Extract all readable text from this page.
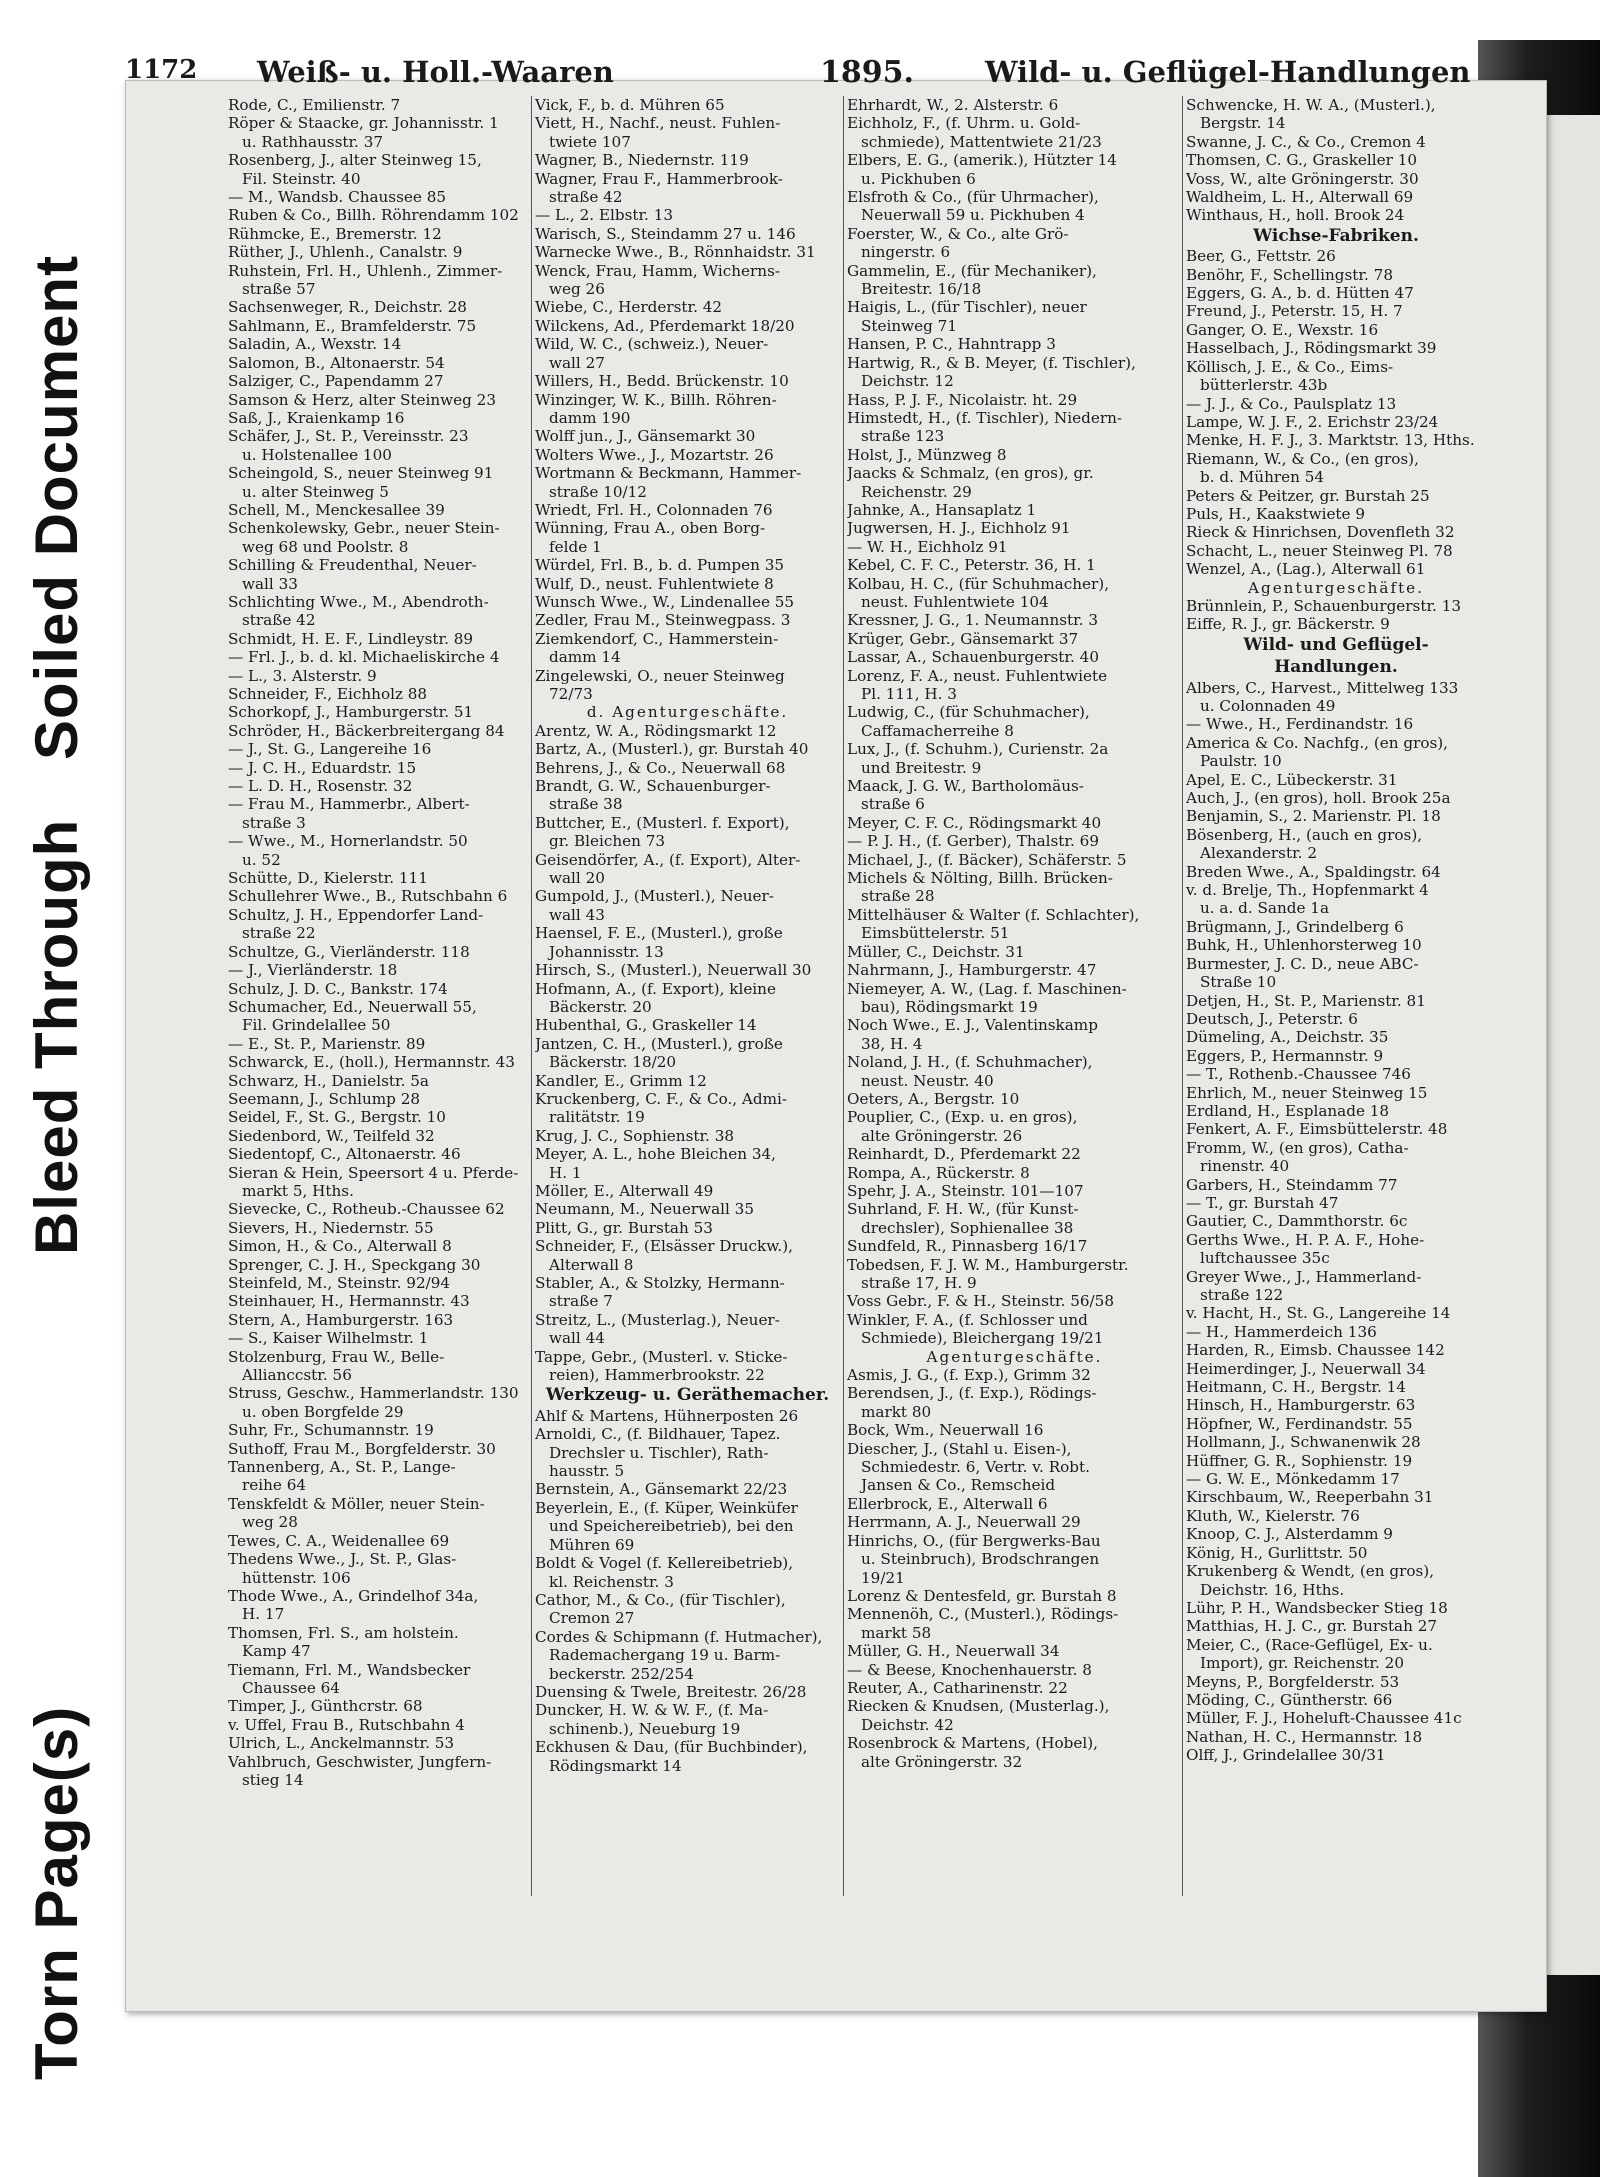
1172 Weiß- u. Holl.-Waaren	1895. Wild- u. Geflügel-Handlungen
Rode, C., Emilienstr. 7
Röper & Staacke, gr. Johannisstr. 1
u. Rathhausstr. 37
Rosenberg, J., alter Steinweg 15,
Fil. Steinstr. 40
— M., Wandsb. Chaussee 85
Ruben & Co., Billh. Röhrendamm 102
Rühmcke, E., Bremerstr. 12
Rüther, J., Uhlenh., Canalstr. 9
Ruhstein, Frl. H., Uhlenh., Zimmer-
straße 57
Sachsenweger, R., Deichstr. 28
Sahlmann, E., Bramfelderstr. 75
Saladin, A., Wexstr. 14
Salomon, B., Altonaerstr. 54
Salziger, C., Papendamm 27
Samson & Herz, alter Steinweg 23
Saß, J., Kraienkamp 16
Schäfer, J., St. P., Vereinsstr. 23
u. Holstenallee 100
Scheingold, S., neuer Steinweg 91
u. alter Steinweg 5
Schell, M., Menckesallee 39
Schenkolewsky, Gebr., neuer Stein-
weg 68 und Poolstr. 8
Schilling & Freudenthal, Neuer-
wall 33
Schlichting Wwe., M., Abendroth-
straße 42
Schmidt, H. E. F., Lindleystr. 89
— Frl. J., b. d. kl. Michaeliskirche 4
— L., 3. Alsterstr. 9
Schneider, F., Eichholz 88
Schorkopf, J., Hamburgerstr. 51
Schröder, H., Bäckerbreitergang 84
— J., St. G., Langereihe 16
— J. C. H., Eduardstr. 15
— L. D. H., Rosenstr. 32
— Frau M., Hammerbr., Albert-
straße 3
— Wwe., M., Hornerlandstr. 50
u. 52
Schütte, D., Kielerstr. 111
Schullehrer Wwe., B., Rutschbahn 6
Schultz, J. H., Eppendorfer Land-
straße 22
Schultze, G., Vierländerstr. 118
— J., Vierländerstr. 18
Schulz, J. D. C., Bankstr. 174
Schumacher, Ed., Neuerwall 55,
Fil. Grindelallee 50
— E., St. P., Marienstr. 89
Schwarck, E., (holl.), Hermannstr. 43
Schwarz, H., Danielstr. 5a
Seemann, J., Schlump 28
Seidel, F., St. G., Bergstr. 10
Siedenbord, W., Teilfeld 32
Siedentopf, C., Altonaerstr. 46
Sieran & Hein, Speersort 4 u. Pferde-
markt 5, Hths.
Sievecke, C., Rotheub.-Chaussee 62
Sievers, H., Niedernstr. 55
Simon, H., & Co., Alterwall 8
Sprenger, C. J. H., Speckgang 30
Steinfeld, M., Steinstr. 92/94
Steinhauer, H., Hermannstr. 43
Stern, A., Hamburgerstr. 163
— S., Kaiser Wilhelmstr. 1
Stolzenburg, Frau W., Belle-
Allianccstr. 56
Struss, Geschw., Hammerlandstr. 130
u. oben Borgfelde 29
Suhr, Fr., Schumannstr. 19
Suthoff, Frau M., Borgfelderstr. 30
Tannenberg, A., St. P., Lange-
reihe 64
Tenskfeldt & Möller, neuer Stein-
weg 28
Tewes, C. A., Weidenallee 69
Thedens Wwe., J., St. P., Glas-
hüttenstr. 106
Thode Wwe., A., Grindelhof 34a,
H. 17
Thomsen, Frl. S., am holstein.
Kamp 47
Tiemann, Frl. M., Wandsbecker
Chaussee 64
Timper, J., Günthcrstr. 68
v. Uffel, Frau B., Rutschbahn 4
Ulrich, L., Anckelmannstr. 53
Vahlbruch, Geschwister, Jungfern-
stieg 14
Vick, F., b. d. Mühren 65
Viett, H., Nachf., neust. Fuhlen-
twiete 107
Wagner, B., Niedernstr. 119
Wagner, Frau F., Hammerbrook-
straße 42
— L., 2. Elbstr. 13
Warisch, S., Steindamm 27 u. 146
Warnecke Wwe., B., Rönnhaidstr. 31
Wenck, Frau, Hamm, Wicherns-
weg 26
Wiebe, C., Herderstr. 42
Wilckens, Ad., Pferdemarkt 18/20
Wild, W. C., (schweiz.), Neuer-
wall 27
Willers, H., Bedd. Brückenstr. 10
Winzinger, W. K., Billh. Röhren-
damm 190
Wolff jun., J., Gänsemarkt 30
Wolters Wwe., J., Mozartstr. 26
Wortmann & Beckmann, Hammer-
straße 10/12
Wriedt, Frl. H., Colonnaden 76
Wünning, Frau A., oben Borg-
felde 1
Würdel, Frl. B., b. d. Pumpen 35
Wulf, D., neust. Fuhlentwiete 8
Wunsch Wwe., W., Lindenallee 55
Zedler, Frau M., Steinwegpass. 3
Ziemkendorf, C., Hammerstein-
damm 14
Zingelewski, O., neuer Steinweg
72/73
d. Agenturgeschäfte.
Arentz, W. A., Rödingsmarkt 12
Bartz, A., (Musterl.), gr. Burstah 40
Behrens, J., & Co., Neuerwall 68
Brandt, G. W., Schauenburger-
straße 38
Buttcher, E., (Musterl. f. Export),
gr. Bleichen 73
Geisendörfer, A., (f. Export), Alter-
wall 20
Gumpold, J., (Musterl.), Neuer-
wall 43
Haensel, F. E., (Musterl.), große
Johannisstr. 13
Hirsch, S., (Musterl.), Neuerwall 30
Hofmann, A., (f. Export), kleine
Bäckerstr. 20
Hubenthal, G., Graskeller 14
Jantzen, C. H., (Musterl.), große
Bäckerstr. 18/20
Kandler, E., Grimm 12
Kruckenberg, C. F., & Co., Admi-
ralitätstr. 19
Krug, J. C., Sophienstr. 38
Meyer, A. L., hohe Bleichen 34,
H. 1
Möller, E., Alterwall 49
Neumann, M., Neuerwall 35
Plitt, G., gr. Burstah 53
Schneider, F., (Elsässer Druckw.),
Alterwall 8
Stabler, A., & Stolzky, Hermann-
straße 7
Streitz, L., (Musterlag.), Neuer-
wall 44
Tappe, Gebr., (Musterl. v. Sticke-
reien), Hammerbrookstr. 22
Werkzeug- u. Geräthemacher.
Ahlf & Martens, Hühnerposten 26
Arnoldi, C., (f. Bildhauer, Tapez.
Drechsler u. Tischler), Rath-
hausstr. 5
Bernstein, A., Gänsemarkt 22/23
Beyerlein, E., (f. Küper, Weinküfer
und Speichereibetrieb), bei den
Mühren 69
Boldt & Vogel (f. Kellereibetrieb),
kl. Reichenstr. 3
Cathor, M., & Co., (für Tischler),
Cremon 27
Cordes & Schipmann (f. Hutmacher),
Rademachergang 19 u. Barm-
beckerstr. 252/254
Duensing & Twele, Breitestr. 26/28
Duncker, H. W. & W. F., (f. Ma-
schinenb.), Neueburg 19
Eckhusen & Dau, (für Buchbinder),
Rödingsmarkt 14
Ehrhardt, W., 2. Alsterstr. 6
Eichholz, F., (f. Uhrm. u. Gold-
schmiede), Mattentwiete 21/23
Elbers, E. G., (amerik.), Hützter 14
u. Pickhuben 6
Elsfroth & Co., (für Uhrmacher),
Neuerwall 59 u. Pickhuben 4
Foerster, W., & Co., alte Grö-
ningerstr. 6
Gammelin, E., (für Mechaniker),
Breitestr. 16/18
Haigis, L., (für Tischler), neuer
Steinweg 71
Hansen, P. C., Hahntrapp 3
Hartwig, R., & B. Meyer, (f. Tischler),
Deichstr. 12
Hass, P. J. F., Nicolaistr. ht. 29
Himstedt, H., (f. Tischler), Niedern-
straße 123
Holst, J., Münzweg 8
Jaacks & Schmalz, (en gros), gr.
Reichenstr. 29
Jahnke, A., Hansaplatz 1
Jugwersen, H. J., Eichholz 91
— W. H., Eichholz 91
Kebel, C. F. C., Peterstr. 36, H. 1
Kolbau, H. C., (für Schuhmacher),
neust. Fuhlentwiete 104
Kressner, J. G., 1. Neumannstr. 3
Krüger, Gebr., Gänsemarkt 37
Lassar, A., Schauenburgerstr. 40
Lorenz, F. A., neust. Fuhlentwiete
Pl. 111, H. 3
Ludwig, C., (für Schuhmacher),
Caffamacherreihe 8
Lux, J., (f. Schuhm.), Curienstr. 2a
und Breitestr. 9
Maack, J. G. W., Bartholomäus-
straße 6
Meyer, C. F. C., Rödingsmarkt 40
— P. J. H., (f. Gerber), Thalstr. 69
Michael, J., (f. Bäcker), Schäferstr. 5
Michels & Nölting, Billh. Brücken-
straße 28
Mittelhäuser & Walter (f. Schlachter),
Eimsbüttelerstr. 51
Müller, C., Deichstr. 31
Nahrmann, J., Hamburgerstr. 47
Niemeyer, A. W., (Lag. f. Maschinen-
bau), Rödingsmarkt 19
Noch Wwe., E. J., Valentinskamp
38, H. 4
Noland, J. H., (f. Schuhmacher),
neust. Neustr. 40
Oeters, A., Bergstr. 10
Pouplier, C., (Exp. u. en gros),
alte Gröningerstr. 26
Reinhardt, D., Pferdemarkt 22
Rompa, A., Rückerstr. 8
Spehr, J. A., Steinstr. 101—107
Suhrland, F. H. W., (für Kunst-
drechsler), Sophienallee 38
Sundfeld, R., Pinnasberg 16/17
Tobedsen, F. J. W. M., Hamburgerstr.
straße 17, H. 9
Voss Gebr., F. & H., Steinstr. 56/58
Winkler, F. A., (f. Schlosser und
Schmiede), Bleichergang 19/21
Agenturgeschäfte.
Asmis, J. G., (f. Exp.), Grimm 32
Berendsen, J., (f. Exp.), Rödings-
markt 80
Bock, Wm., Neuerwall 16
Diescher, J., (Stahl u. Eisen-),
Schmiedestr. 6, Vertr. v. Robt.
Jansen & Co., Remscheid
Ellerbrock, E., Alterwall 6
Herrmann, A. J., Neuerwall 29
Hinrichs, O., (für Bergwerks-Bau
u. Steinbruch), Brodschrangen
19/21
Lorenz & Dentesfeld, gr. Burstah 8
Mennenöh, C., (Musterl.), Rödings-
markt 58
Müller, G. H., Neuerwall 34
— & Beese, Knochenhauerstr. 8
Reuter, A., Catharinenstr. 22
Riecken & Knudsen, (Musterlag.),
Deichstr. 42
Rosenbrock & Martens, (Hobel),
alte Gröningerstr. 32
Schwencke, H. W. A., (Musterl.),
Bergstr. 14
Swanne, J. C., & Co., Cremon 4
Thomsen, C. G., Graskeller 10
Voss, W., alte Gröningerstr. 30
Waldheim, L. H., Alterwall 69
Winthaus, H., holl. Brook 24
Wichse-Fabriken.
Beer, G., Fettstr. 26
Benöhr, F., Schellingstr. 78
Eggers, G. A., b. d. Hütten 47
Freund, J., Peterstr. 15, H. 7
Ganger, O. E., Wexstr. 16
Hasselbach, J., Rödingsmarkt 39
Köllisch, J. E., & Co., Eims-
bütterlerstr. 43b
— J. J., & Co., Paulsplatz 13
Lampe, W. J. F., 2. Erichstr 23/24
Menke, H. F. J., 3. Marktstr. 13, Hths.
Riemann, W., & Co., (en gros),
b. d. Mühren 54
Peters & Peitzer, gr. Burstah 25
Puls, H., Kaakstwiete 9
Rieck & Hinrichsen, Dovenfleth 32
Schacht, L., neuer Steinweg Pl. 78
Wenzel, A., (Lag.), Alterwall 61
Agenturgeschäfte.
Brünnlein, P., Schauenburgerstr. 13
Eiffe, R. J., gr. Bäckerstr. 9
Wild- und Geflügel-
Handlungen.
Albers, C., Harvest., Mittelweg 133
u. Colonnaden 49
— Wwe., H., Ferdinandstr. 16
America & Co. Nachfg., (en gros),
Paulstr. 10
Apel, E. C., Lübeckerstr. 31
Auch, J., (en gros), holl. Brook 25a
Benjamin, S., 2. Marienstr. Pl. 18
Bösenberg, H., (auch en gros),
Alexanderstr. 2
Breden Wwe., A., Spaldingstr. 64
v. d. Brelje, Th., Hopfenmarkt 4
u. a. d. Sande 1a
Brügmann, J., Grindelberg 6
Buhk, H., Uhlenhorsterweg 10
Burmester, J. C. D., neue ABC-
Straße 10
Detjen, H., St. P., Marienstr. 81
Deutsch, J., Peterstr. 6
Dümeling, A., Deichstr. 35
Eggers, P., Hermannstr. 9
— T., Rothenb.-Chaussee 746
Ehrlich, M., neuer Steinweg 15
Erdland, H., Esplanade 18
Fenkert, A. F., Eimsbüttelerstr. 48
Fromm, W., (en gros), Catha-
rinenstr. 40
Garbers, H., Steindamm 77
— T., gr. Burstah 47
Gautier, C., Dammthorstr. 6c
Gerths Wwe., H. P. A. F., Hohe-
luftchaussee 35c
Greyer Wwe., J., Hammerland-
straße 122
v. Hacht, H., St. G., Langereihe 14
— H., Hammerdeich 136
Harden, R., Eimsb. Chaussee 142
Heimerdinger, J., Neuerwall 34
Heitmann, C. H., Bergstr. 14
Hinsch, H., Hamburgerstr. 63
Höpfner, W., Ferdinandstr. 55
Hollmann, J., Schwanenwik 28
Hüffner, G. R., Sophienstr. 19
— G. W. E., Mönkedamm 17
Kirschbaum, W., Reeperbahn 31
Kluth, W., Kielerstr. 76
Knoop, C. J., Alsterdamm 9
König, H., Gurlittstr. 50
Krukenberg & Wendt, (en gros),
Deichstr. 16, Hths.
Lühr, P. H., Wandsbecker Stieg 18
Matthias, H. J. C., gr. Burstah 27
Meier, C., (Race-Geflügel, Ex- u.
Import), gr. Reichenstr. 20
Meyns, P., Borgfelderstr. 53
Möding, C., Güntherstr. 66
Müller, F. J., Hoheluft-Chaussee 41c
Nathan, H. C., Hermannstr. 18
Olff, J., Grindelallee 30/31
Torn Page(s)
Bleed Through
Soiled Document
